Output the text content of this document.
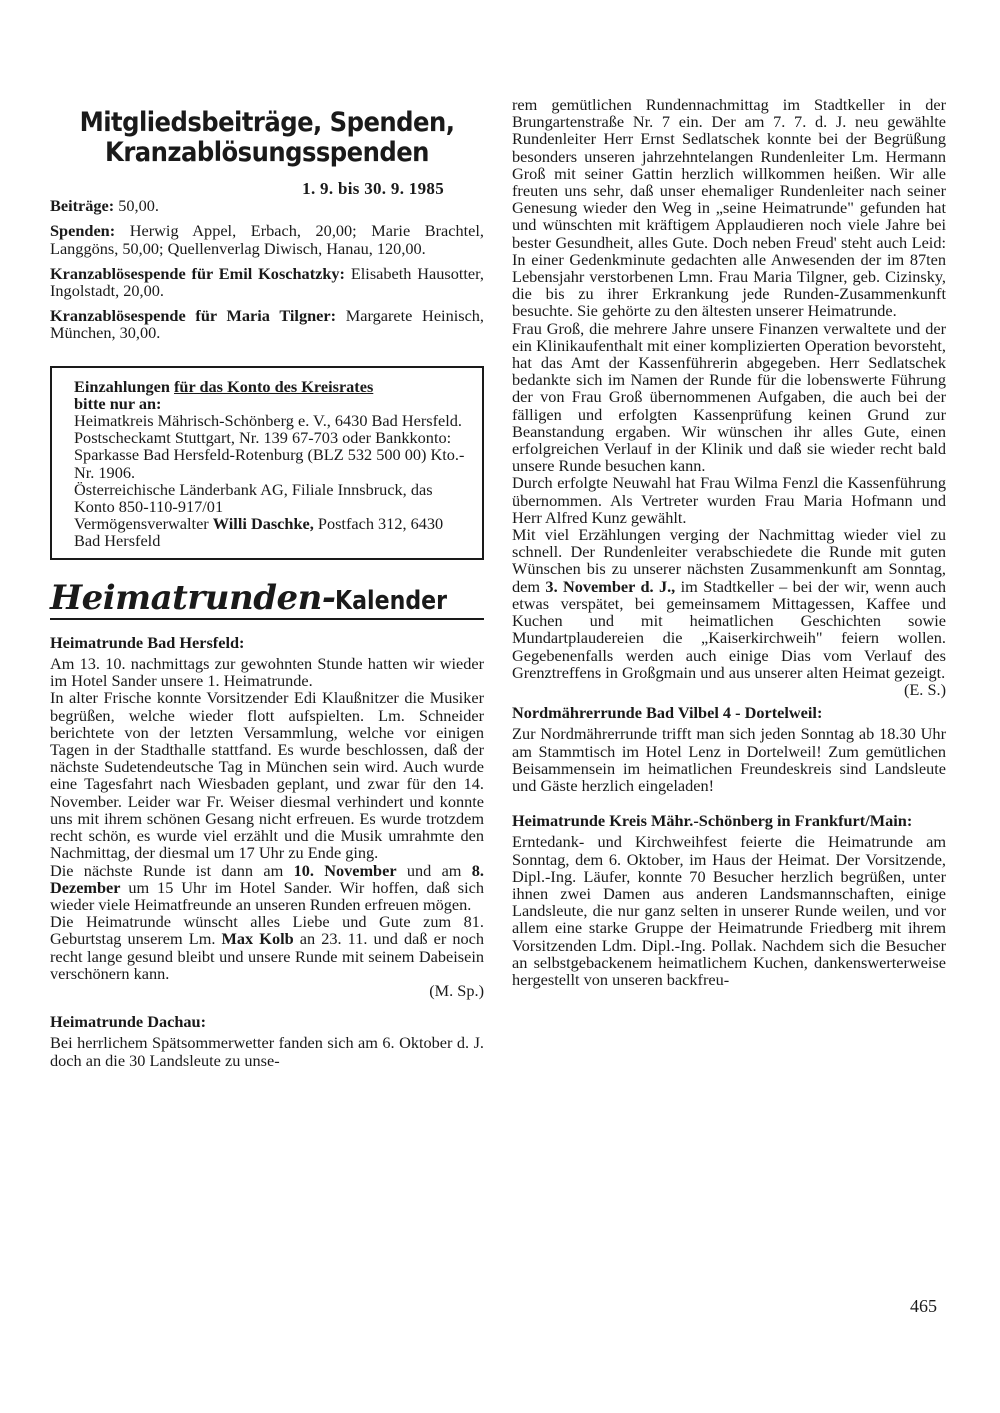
Mitgliedsbeiträge, Spenden,
Kranzablösungsspenden
1. 9. bis 30. 9. 1985

Beiträge: 50,00.

Spenden: Herwig Appel, Erbach, 20,00; Marie Brachtel, Langgöns, 50,00; Quellenverlag Diwisch, Hanau, 120,00.

Kranzablösespende für Emil Koschatzky: Elisabeth Hausotter, Ingolstadt, 20,00.

Kranzablösespende für Maria Tilgner: Margarete Heinisch, München, 30,00.

Einzahlungen für das Konto des Kreisrates
bitte nur an:
Heimatkreis Mährisch-Schönberg e. V., 6430 Bad Hersfeld.
Postscheckamt Stuttgart, Nr. 139 67-703 oder Bankkonto: Sparkasse Bad Hersfeld-Rotenburg (BLZ 532 500 00) Kto.-Nr. 1906.
Österreichische Länderbank AG, Filiale Innsbruck, das Konto 850-110-917/01
Vermögensverwalter Willi Daschke, Postfach 312, 6430 Bad Hersfeld
Heimatrunden-Kalender
Heimatrunde Bad Hersfeld:

Am 13. 10. nachmittags zur gewohnten Stunde hatten wir wieder im Hotel Sander unsere 1. Heimatrunde.

In alter Frische konnte Vorsitzender Edi Klaußnitzer die Musiker begrüßen, welche wieder flott aufspielten. Lm. Schneider berichtete von der letzten Versammlung, welche vor einigen Tagen in der Stadthalle stattfand. Es wurde beschlossen, daß der nächste Sudetendeutsche Tag in München sein wird. Auch wurde eine Tagesfahrt nach Wiesbaden geplant, und zwar für den 14. November. Leider war Fr. Weiser diesmal verhindert und konnte uns mit ihrem schönen Gesang nicht erfreuen. Es wurde trotzdem recht schön, es wurde viel erzählt und die Musik umrahmte den Nachmittag, der diesmal um 17 Uhr zu Ende ging.

Die nächste Runde ist dann am 10. November und am 8. Dezember um 15 Uhr im Hotel Sander. Wir hoffen, daß sich wieder viele Heimatfreunde an unseren Runden erfreuen mögen.

Die Heimatrunde wünscht alles Liebe und Gute zum 81. Geburtstag unserem Lm. Max Kolb an 23. 11. und daß er noch recht lange gesund bleibt und unsere Runde mit seinem Dabeisein verschönern kann.

(M. Sp.)
Heimatrunde Dachau:

Bei herrlichem Spätsommerwetter fanden sich am 6. Oktober d. J. doch an die 30 Landsleute zu unse-

rem gemütlichen Rundennachmittag im Stadtkeller in der Brungartenstraße Nr. 7 ein. Der am 7. 7. d. J. neu gewählte Rundenleiter Herr Ernst Sedlatschek konnte bei der Begrüßung besonders unseren jahrzehntelangen Rundenleiter Lm. Hermann Groß mit seiner Gattin herzlich willkommen heißen. Wir alle freuten uns sehr, daß unser ehemaliger Rundenleiter nach seiner Genesung wieder den Weg in „seine Heimatrunde" gefunden hat und wünschten mit kräftigem Applaudieren noch viele Jahre bei bester Gesundheit, alles Gute. Doch neben Freud' steht auch Leid: In einer Gedenkminute gedachten alle Anwesenden der im 87ten Lebensjahr verstorbenen Lmn. Frau Maria Tilgner, geb. Cizinsky, die bis zu ihrer Erkrankung jede Runden-Zusammenkunft besuchte. Sie gehörte zu den ältesten unserer Heimatrunde.

Frau Groß, die mehrere Jahre unsere Finanzen verwaltete und der ein Klinikaufenthalt mit einer komplizierten Operation bevorsteht, hat das Amt der Kassenführerin abgegeben. Herr Sedlatschek bedankte sich im Namen der Runde für die lobenswerte Führung der von Frau Groß übernommenen Aufgaben, die auch bei der fälligen und erfolgten Kassenprüfung keinen Grund zur Beanstandung ergaben. Wir wünschen ihr alles Gute, einen erfolgreichen Verlauf in der Klinik und daß sie wieder recht bald unsere Runde besuchen kann.

Durch erfolgte Neuwahl hat Frau Wilma Fenzl die Kassenführung übernommen. Als Vertreter wurden Frau Maria Hofmann und Herr Alfred Kunz gewählt.

Mit viel Erzählungen verging der Nachmittag wieder viel zu schnell. Der Rundenleiter verabschiedete die Runde mit guten Wünschen bis zu unserer nächsten Zusammenkunft am Sonntag, dem 3. November d. J., im Stadtkeller – bei der wir, wenn auch etwas verspätet, bei gemeinsamem Mittagessen, Kaffee und Kuchen und mit heimatlichen Geschichten sowie Mundartplaudereien die „Kaiserkirchweih" feiern wollen. Gegebenenfalls werden auch einige Dias vom Verlauf des Grenztreffens in Großgmain und aus unserer alten Heimat gezeigt.

(E. S.)
Nordmährerrunde Bad Vilbel 4 - Dortelweil:

Zur Nordmährerrunde trifft man sich jeden Sonntag ab 18.30 Uhr am Stammtisch im Hotel Lenz in Dortelweil! Zum gemütlichen Beisammensein im heimatlichen Freundeskreis sind Landsleute und Gäste herzlich eingeladen!

Heimatrunde Kreis Mähr.-Schönberg in Frankfurt/Main:

Erntedank- und Kirchweihfest feierte die Heimatrunde am Sonntag, dem 6. Oktober, im Haus der Heimat. Der Vorsitzende, Dipl.-Ing. Läufer, konnte 70 Besucher herzlich begrüßen, unter ihnen zwei Damen aus anderen Landsmannschaften, einige Landsleute, die nur ganz selten in unserer Runde weilen, und vor allem eine starke Gruppe der Heimatrunde Friedberg mit ihrem Vorsitzenden Ldm. Dipl.-Ing. Pollak. Nachdem sich die Besucher an selbstgebackenem heimatlichem Kuchen, dankenswerterweise hergestellt von unseren backfreu-

465
